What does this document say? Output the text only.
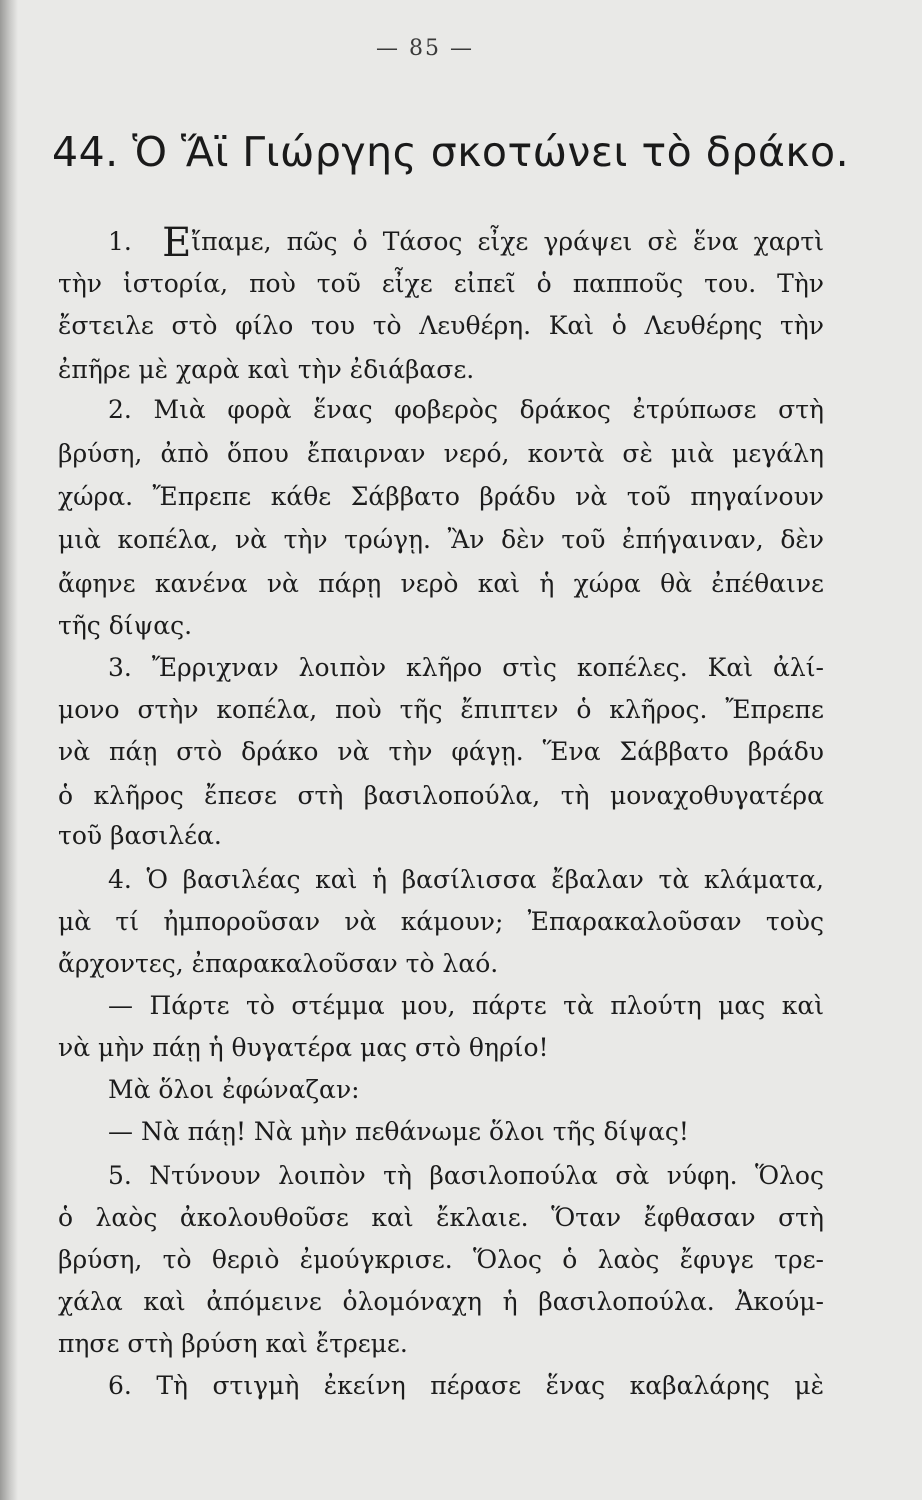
— 85 —
44. Ὁ Ἅϊ Γιώργης σκοτώνει τὸ δράκο.
1. Εἴπαμε, πῶς ὁ Τάσος εἶχε γράψει σὲ ἕνα χαρτὶ
τὴν ἱστορία, ποὺ τοῦ εἶχε εἰπεῖ ὁ παπποῦς του. Τὴν
ἔστειλε στὸ φίλο του τὸ Λευθέρη. Καὶ ὁ Λευθέρης τὴν
ἐπῆρε μὲ χαρὰ καὶ τὴν ἐδιάβασε.
2. Μιὰ φορὰ ἕνας φοβερὸς δράκος ἐτρύπωσε στὴ
βρύση, ἀπὸ ὅπου ἔπαιρναν νερό, κοντὰ σὲ μιὰ μεγάλη
χώρα. Ἔπρεπε κάθε Σάββατο βράδυ νὰ τοῦ πηγαίνουν
μιὰ κοπέλα, νὰ τὴν τρώγῃ. Ἂν δὲν τοῦ ἐπήγαιναν, δὲν
ἄφηνε κανένα νὰ πάρῃ νερὸ καὶ ἡ χώρα θὰ ἐπέθαινε
τῆς δίψας.
3. Ἔρριχναν λοιπὸν κλῆρο στὶς κοπέλες. Καὶ ἀλί-
μονο στὴν κοπέλα, ποὺ τῆς ἔπιπτεν ὁ κλῆρος. Ἔπρεπε
νὰ πάῃ στὸ δράκο νὰ τὴν φάγῃ. Ἕνα Σάββατο βράδυ
ὁ κλῆρος ἔπεσε στὴ βασιλοπούλα, τὴ μοναχοθυγατέρα
τοῦ βασιλέα.
4. Ὁ βασιλέας καὶ ἡ βασίλισσα ἔβαλαν τὰ κλάματα,
μὰ τί ἠμποροῦσαν νὰ κάμουν; Ἐπαρακαλοῦσαν τοὺς
ἄρχοντες, ἐπαρακαλοῦσαν τὸ λαό.
— Πάρτε τὸ στέμμα μου, πάρτε τὰ πλούτη μας καὶ
νὰ μὴν πάῃ ἡ θυγατέρα μας στὸ θηρίο!
Μὰ ὅλοι ἐφώναζαν:
— Νὰ πάῃ! Νὰ μὴν πεθάνωμε ὅλοι τῆς δίψας!
5. Ντύνουν λοιπὸν τὴ βασιλοπούλα σὰ νύφη. Ὅλος
ὁ λαὸς ἀκολουθοῦσε καὶ ἔκλαιε. Ὅταν ἔφθασαν στὴ
βρύση, τὸ θεριὸ ἐμούγκρισε. Ὅλος ὁ λαὸς ἔφυγε τρε-
χάλα καὶ ἀπόμεινε ὁλομόναχη ἡ βασιλοπούλα. Ἀκούμ-
πησε στὴ βρύση καὶ ἔτρεμε.
6. Τὴ στιγμὴ ἐκείνη πέρασε ἕνας καβαλάρης μὲ
